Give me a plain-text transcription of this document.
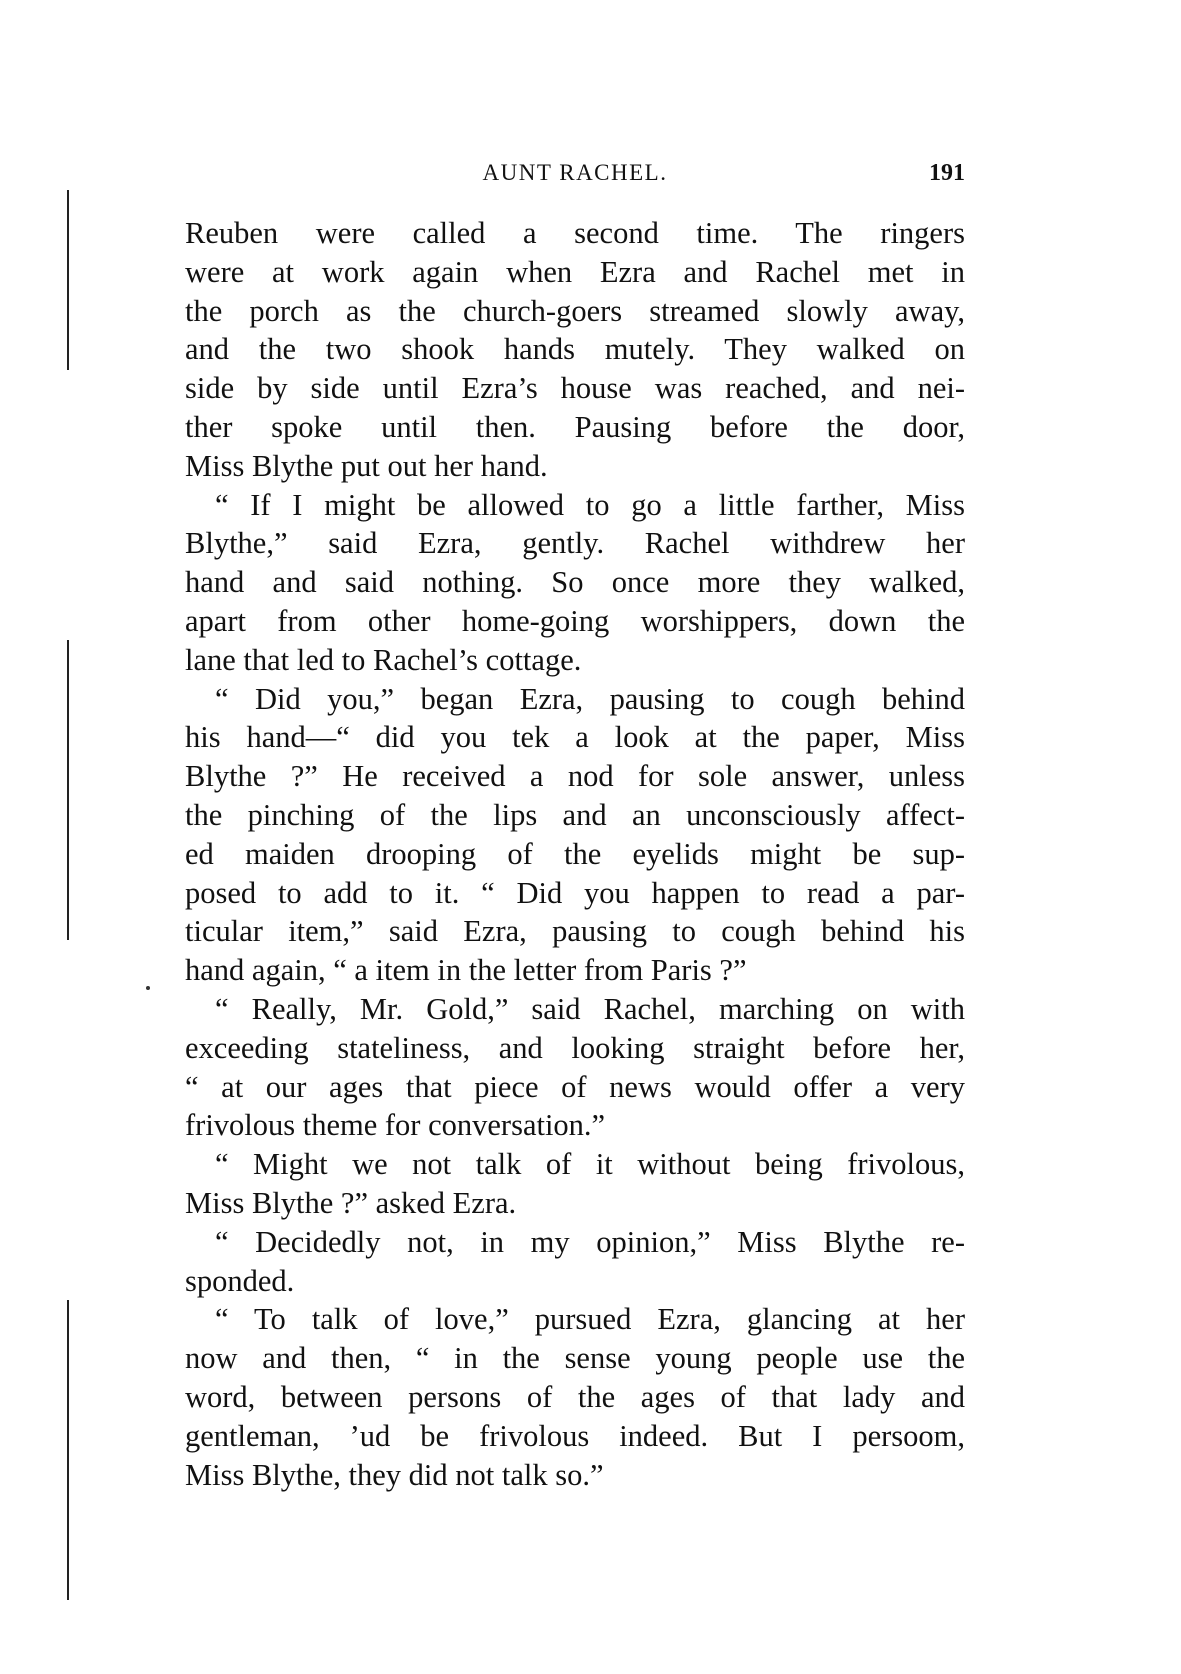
AUNT RACHEL.	191
Reuben were called a second time. The ringers
were at work again when Ezra and Rachel met in
the porch as the church-goers streamed slowly away,
and the two shook hands mutely. They walked on
side by side until Ezra’s house was reached, and nei-
ther spoke until then. Pausing before the door,
Miss Blythe put out her hand.
“ If I might be allowed to go a little farther, Miss
Blythe,” said Ezra, gently. Rachel withdrew her
hand and said nothing. So once more they walked,
apart from other home-going worshippers, down the
lane that led to Rachel’s cottage.
“ Did you,” began Ezra, pausing to cough behind
his hand—“ did you tek a look at the paper, Miss
Blythe ?” He received a nod for sole answer, unless
the pinching of the lips and an unconsciously affect-
ed maiden drooping of the eyelids might be sup-
posed to add to it. “ Did you happen to read a par-
ticular item,” said Ezra, pausing to cough behind his
hand again, “ a item in the letter from Paris ?”
“ Really, Mr. Gold,” said Rachel, marching on with
exceeding stateliness, and looking straight before her,
“ at our ages that piece of news would offer a very
frivolous theme for conversation.”
“ Might we not talk of it without being frivolous,
Miss Blythe ?” asked Ezra.
“ Decidedly not, in my opinion,” Miss Blythe re-
sponded.
“ To talk of love,” pursued Ezra, glancing at her
now and then, “ in the sense young people use the
word, between persons of the ages of that lady and
gentleman, ’ud be frivolous indeed. But I persoom,
Miss Blythe, they did not talk so.”
